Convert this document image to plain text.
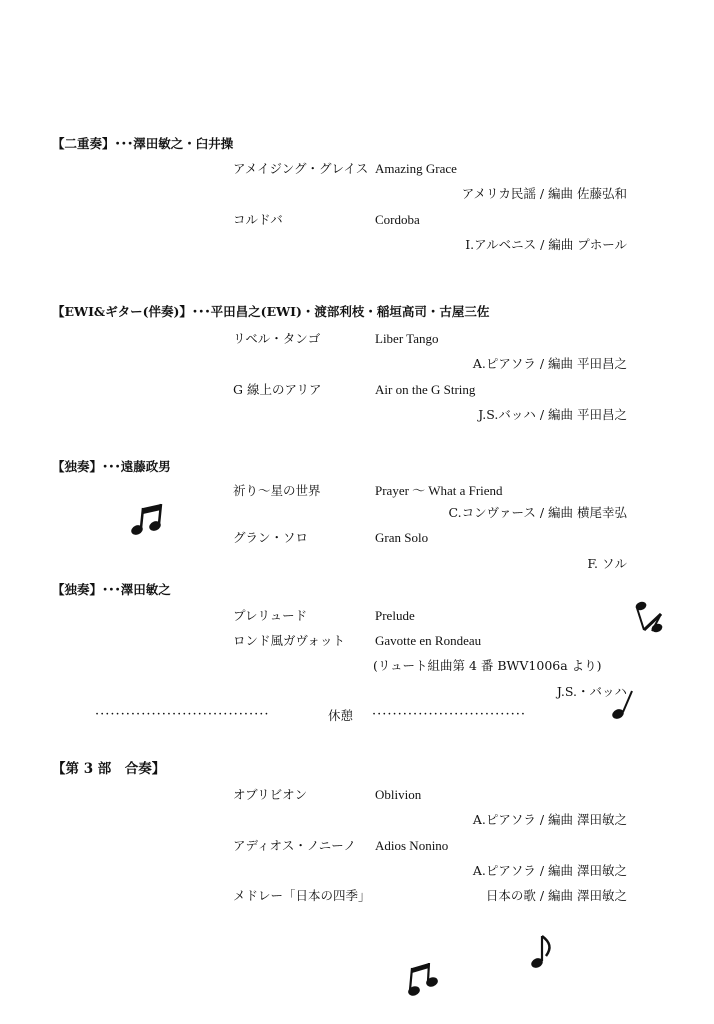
【二重奏】･･･澤田敏之・臼井操
アメイジング・グレイス Amazing Grace
アメリカ民謡 / 編曲 佐藤弘和
コルドバ	Cordoba
I.アルベニス / 編曲 プホール
【EWI&ギター(伴奏)】･･･平田昌之(EWI)・渡部利枝・稲垣高司・古屋三佐
リベル・タンゴ	Liber Tango
A.ピアソラ / 編曲 平田昌之
G 線上のアリア	Air on the G String
J.S.バッハ / 編曲 平田昌之
【独奏】･･･遠藤政男
祈り～星の世界	Prayer ～ What a Friend
C.コンヴァース / 編曲 横尾幸弘
グラン・ソロ	Gran Solo
F. ソル
【独奏】･･･澤田敏之
プレリュード	Prelude
ロンド風ガヴォット Gavotte en Rondeau
(リュート組曲第 4 番 BWV1006a より)
J.S.・バッハ
··································	休憩 ······························
【第 3 部　合奏】
オブリビオン	Oblivion
A.ピアソラ / 編曲 澤田敏之
アディオス・ノニーノ Adios Nonino
A.ピアソラ / 編曲 澤田敏之
メドレー「日本の四季」	日本の歌 / 編曲 澤田敏之
